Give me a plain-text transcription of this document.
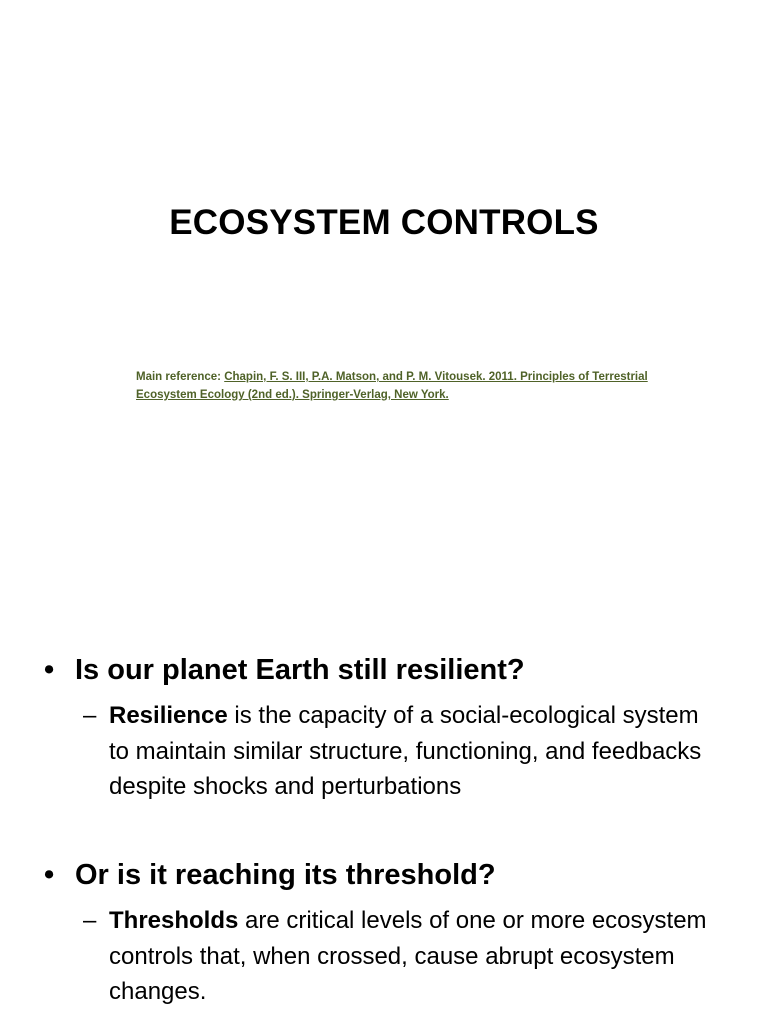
ECOSYSTEM CONTROLS
Main reference: Chapin, F. S. III, P.A. Matson, and P. M. Vitousek. 2011. Principles of Terrestrial Ecosystem Ecology (2nd ed.). Springer-Verlag, New York.
• Is our planet Earth still resilient?
– Resilience is the capacity of a social-ecological system to maintain similar structure, functioning, and feedbacks despite shocks and perturbations
• Or is it reaching its threshold?
– Thresholds are critical levels of one or more ecosystem controls that, when crossed, cause abrupt ecosystem changes.
